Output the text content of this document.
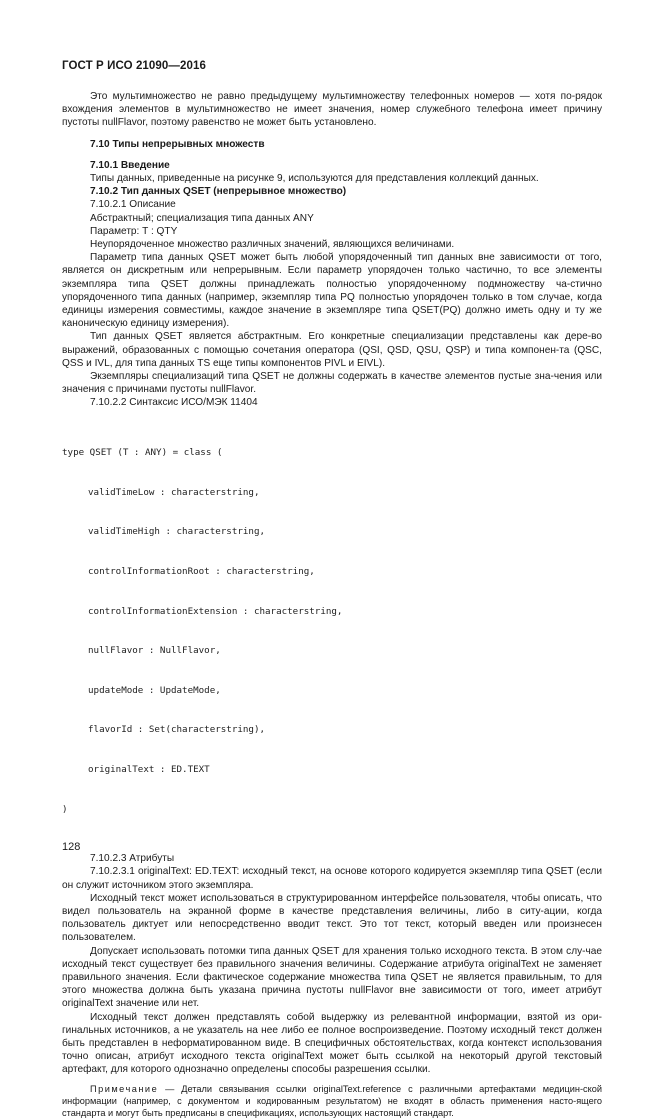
ГОСТ Р ИСО 21090—2016

Это мультимножество не равно предыдущему мультимножеству телефонных номеров — хотя по-рядок вхождения элементов в мультимножество не имеет значения, номер служебного телефона имеет причину пустоты nullFlavor, поэтому равенство не может быть установлено.

7.10 Типы непрерывных множеств

7.10.1 Введение

Типы данных, приведенные на рисунке 9, используются для представления коллекций данных.

7.10.2 Тип данных QSET (непрерывное множество)

7.10.2.1 Описание

Абстрактный; специализация типа данных ANY

Параметр: T : QTY

Неупорядоченное множество различных значений, являющихся величинами.

Параметр типа данных QSET может быть любой упорядоченный тип данных вне зависимости от того, является он дискретным или непрерывным. Если параметр упорядочен только частично, то все элементы экземпляра типа QSET должны принадлежать полностью упорядоченному подмножеству ча-стично упорядоченного типа данных (например, экземпляр типа PQ полностью упорядочен только в том случае, когда единицы измерения совместимы, каждое значение в экземпляре типа QSET(PQ) должно иметь одну и ту же каноническую единицу измерения).

Тип данных QSET является абстрактным. Его конкретные специализации представлены как дере-во выражений, образованных с помощью сочетания оператора (QSI, QSD, QSU, QSP) и типа компонен-та (QSC, QSS и IVL, для типа данных TS еще типы компонентов PIVL и EIVL).

Экземпляры специализаций типа QSET не должны содержать в качестве элементов пустые зна-чения или значения с причинами пустоты nullFlavor.

7.10.2.2 Синтаксис ИСО/МЭК 11404

type QSET (T : ANY) = class (

validTimeLow : characterstring,

validTimeHigh : characterstring,

controlInformationRoot : characterstring,

controlInformationExtension : characterstring,

nullFlavor : NullFlavor,

updateMode : UpdateMode,

flavorId : Set(characterstring),

originalText : ED.TEXT

)

7.10.2.3 Атрибуты

7.10.2.3.1 originalText: ED.TEXT: исходный текст, на основе которого кодируется экземпляр типа QSET (если он служит источником этого экземпляра.

Исходный текст может использоваться в структурированном интерфейсе пользователя, чтобы описать, что видел пользователь на экранной форме в качестве представления величины, либо в ситу-ации, когда пользователь диктует или непосредственно вводит текст. Это тот текст, который введен или произнесен пользователем.

Допускает использовать потомки типа данных QSET для хранения только исходного текста. В этом слу-чае исходный текст существует без правильного значения величины. Содержание атрибута originalText не заменяет правильного значения. Если фактическое содержание множества типа QSET не является правильным, то для этого множества должна быть указана причина пустоты nullFlavor вне зависимости от того, имеет атрибут originalText значение или нет.

Исходный текст должен представлять собой выдержку из релевантной информации, взятой из ори-гинальных источников, а не указатель на нее либо ее полное воспроизведение. Поэтому исходный текст должен быть представлен в неформатированном виде. В специфичных обстоятельствах, когда контекст использования точно описан, атрибут исходного текста originalText может быть ссылкой на некоторый другой текстовый артефакт, для которого однозначно определены способы разрешения ссылки.

Примечание — Детали связывания ссылки originalText.reference с различными артефактами медицин-ской информации (например, с документом и кодированным результатом) не входят в область применения насто-ящего стандарта и могут быть предписаны в спецификациях, использующих настоящий стандарт.

128
